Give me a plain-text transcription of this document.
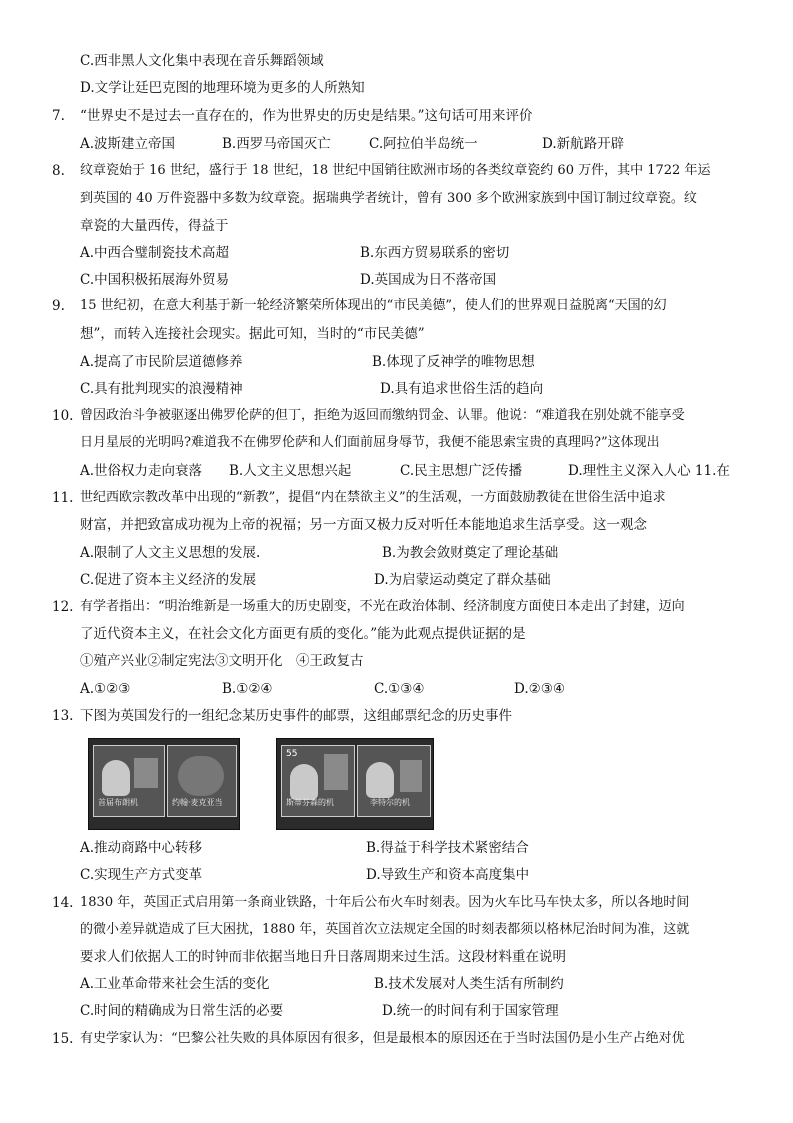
C.西非黑人文化集中表现在音乐舞蹈领域
D.文学让廷巴克图的地理环境为更多的人所熟知
7. “世界史不是过去一直存在的，作为世界史的历史是结果。”这句话可用来评价
A.波斯建立帝国	B.西罗马帝国灭亡	C.阿拉伯半岛统一	D.新航路开辟
8. 纹章瓷始于 16 世纪，盛行于 18 世纪，18 世纪中国销往欧洲市场的各类纹章瓷约 60 万件，其中 1722 年运
到英国的 40 万件瓷器中多数为纹章瓷。据瑞典学者统计，曾有 300 多个欧洲家族到中国订制过纹章瓷。纹
章瓷的大量西传，得益于
A.中西合璧制瓷技术高超	B.东西方贸易联系的密切
C.中国积极拓展海外贸易	D.英国成为日不落帝国
9. 15 世纪初，在意大利基于新一轮经济繁荣所体现出的“市民美德”，使人们的世界观日益脱离“天国的幻
想”，而转入连接社会现实。据此可知，当时的“市民美德”
A.提高了市民阶层道德修养	B.体现了反神学的唯物思想
C.具有批判现实的浪漫精神	D.具有追求世俗生活的趋向
10. 曾因政治斗争被驱逐出佛罗伦萨的但丁，拒绝为返回而缴纳罚金、认罪。他说：“难道我在别处就不能享受
日月星辰的光明吗?难道我不在佛罗伦萨和人们面前屈身辱节，我便不能思索宝贵的真理吗?”这体现出
A.世俗权力走向衰落 B.人文主义思想兴起	C.民主思想广泛传播	D.理性主义深入人心 11.在
11. 世纪西欧宗教改革中出现的“新教”，提倡“内在禁欲主义”的生活观，一方面鼓励教徒在世俗生活中追求
财富，并把致富成功视为上帝的祝福；另一方面又极力反对听任本能地追求生活享受。这一观念
A.限制了人文主义思想的发展.	B.为教会敛财奠定了理论基础
C.促进了资本主义经济的发展	D.为启蒙运动奠定了群众基础
12. 有学者指出：“明治维新是一场重大的历史剧变，不光在政治体制、经济制度方面使日本走出了封建，迈向
了近代资本主义，在社会文化方面更有质的变化。”能为此观点提供证据的是
①殖产兴业②制定宪法③文明开化　④王政复古
A.①②③	B.①②④	C.①③④	D.②③④
13. 下图为英国发行的一组纪念某历史事件的邮票，这组邮票纪念的历史事件
首届布朗机	约翰·麦克亚当
55
斯蒂芬森的机	李特尔的机
A.推动商路中心转移	B.得益于科学技术紧密结合
C.实现生产方式变革	D.导致生产和资本高度集中
14. 1830 年，英国正式启用第一条商业铁路，十年后公布火车时刻表。因为火车比马车快太多，所以各地时间
的微小差异就造成了巨大困扰，1880 年，英国首次立法规定全国的时刻表都须以格林尼治时间为准，这就
要求人们依据人工的时钟而非依据当地日升日落周期来过生活。这段材料重在说明
A.工业革命带来社会生活的变化	B.技术发展对人类生活有所制约
C.时间的精确成为日常生活的必要	D.统一的时间有利于国家管理
15. 有史学家认为：“巴黎公社失败的具体原因有很多，但是最根本的原因还在于当时法国仍是小生产占绝对优
